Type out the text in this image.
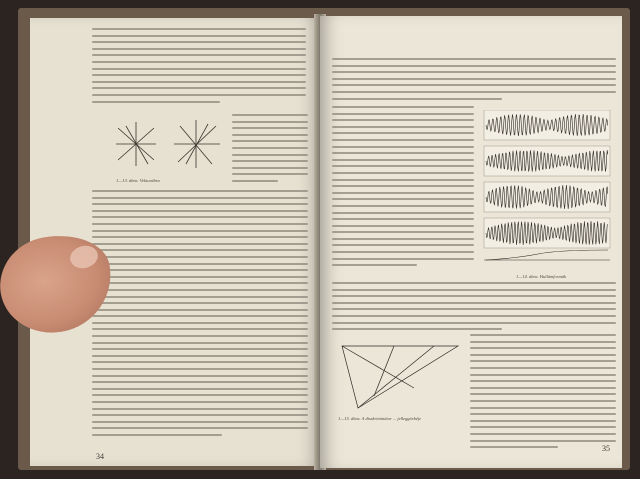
1—13. ábra. Vektorábra
34
1—14. ábra. Hullámformák
1—15. ábra. A diszkriminátor ... jelleggörbéje
35
